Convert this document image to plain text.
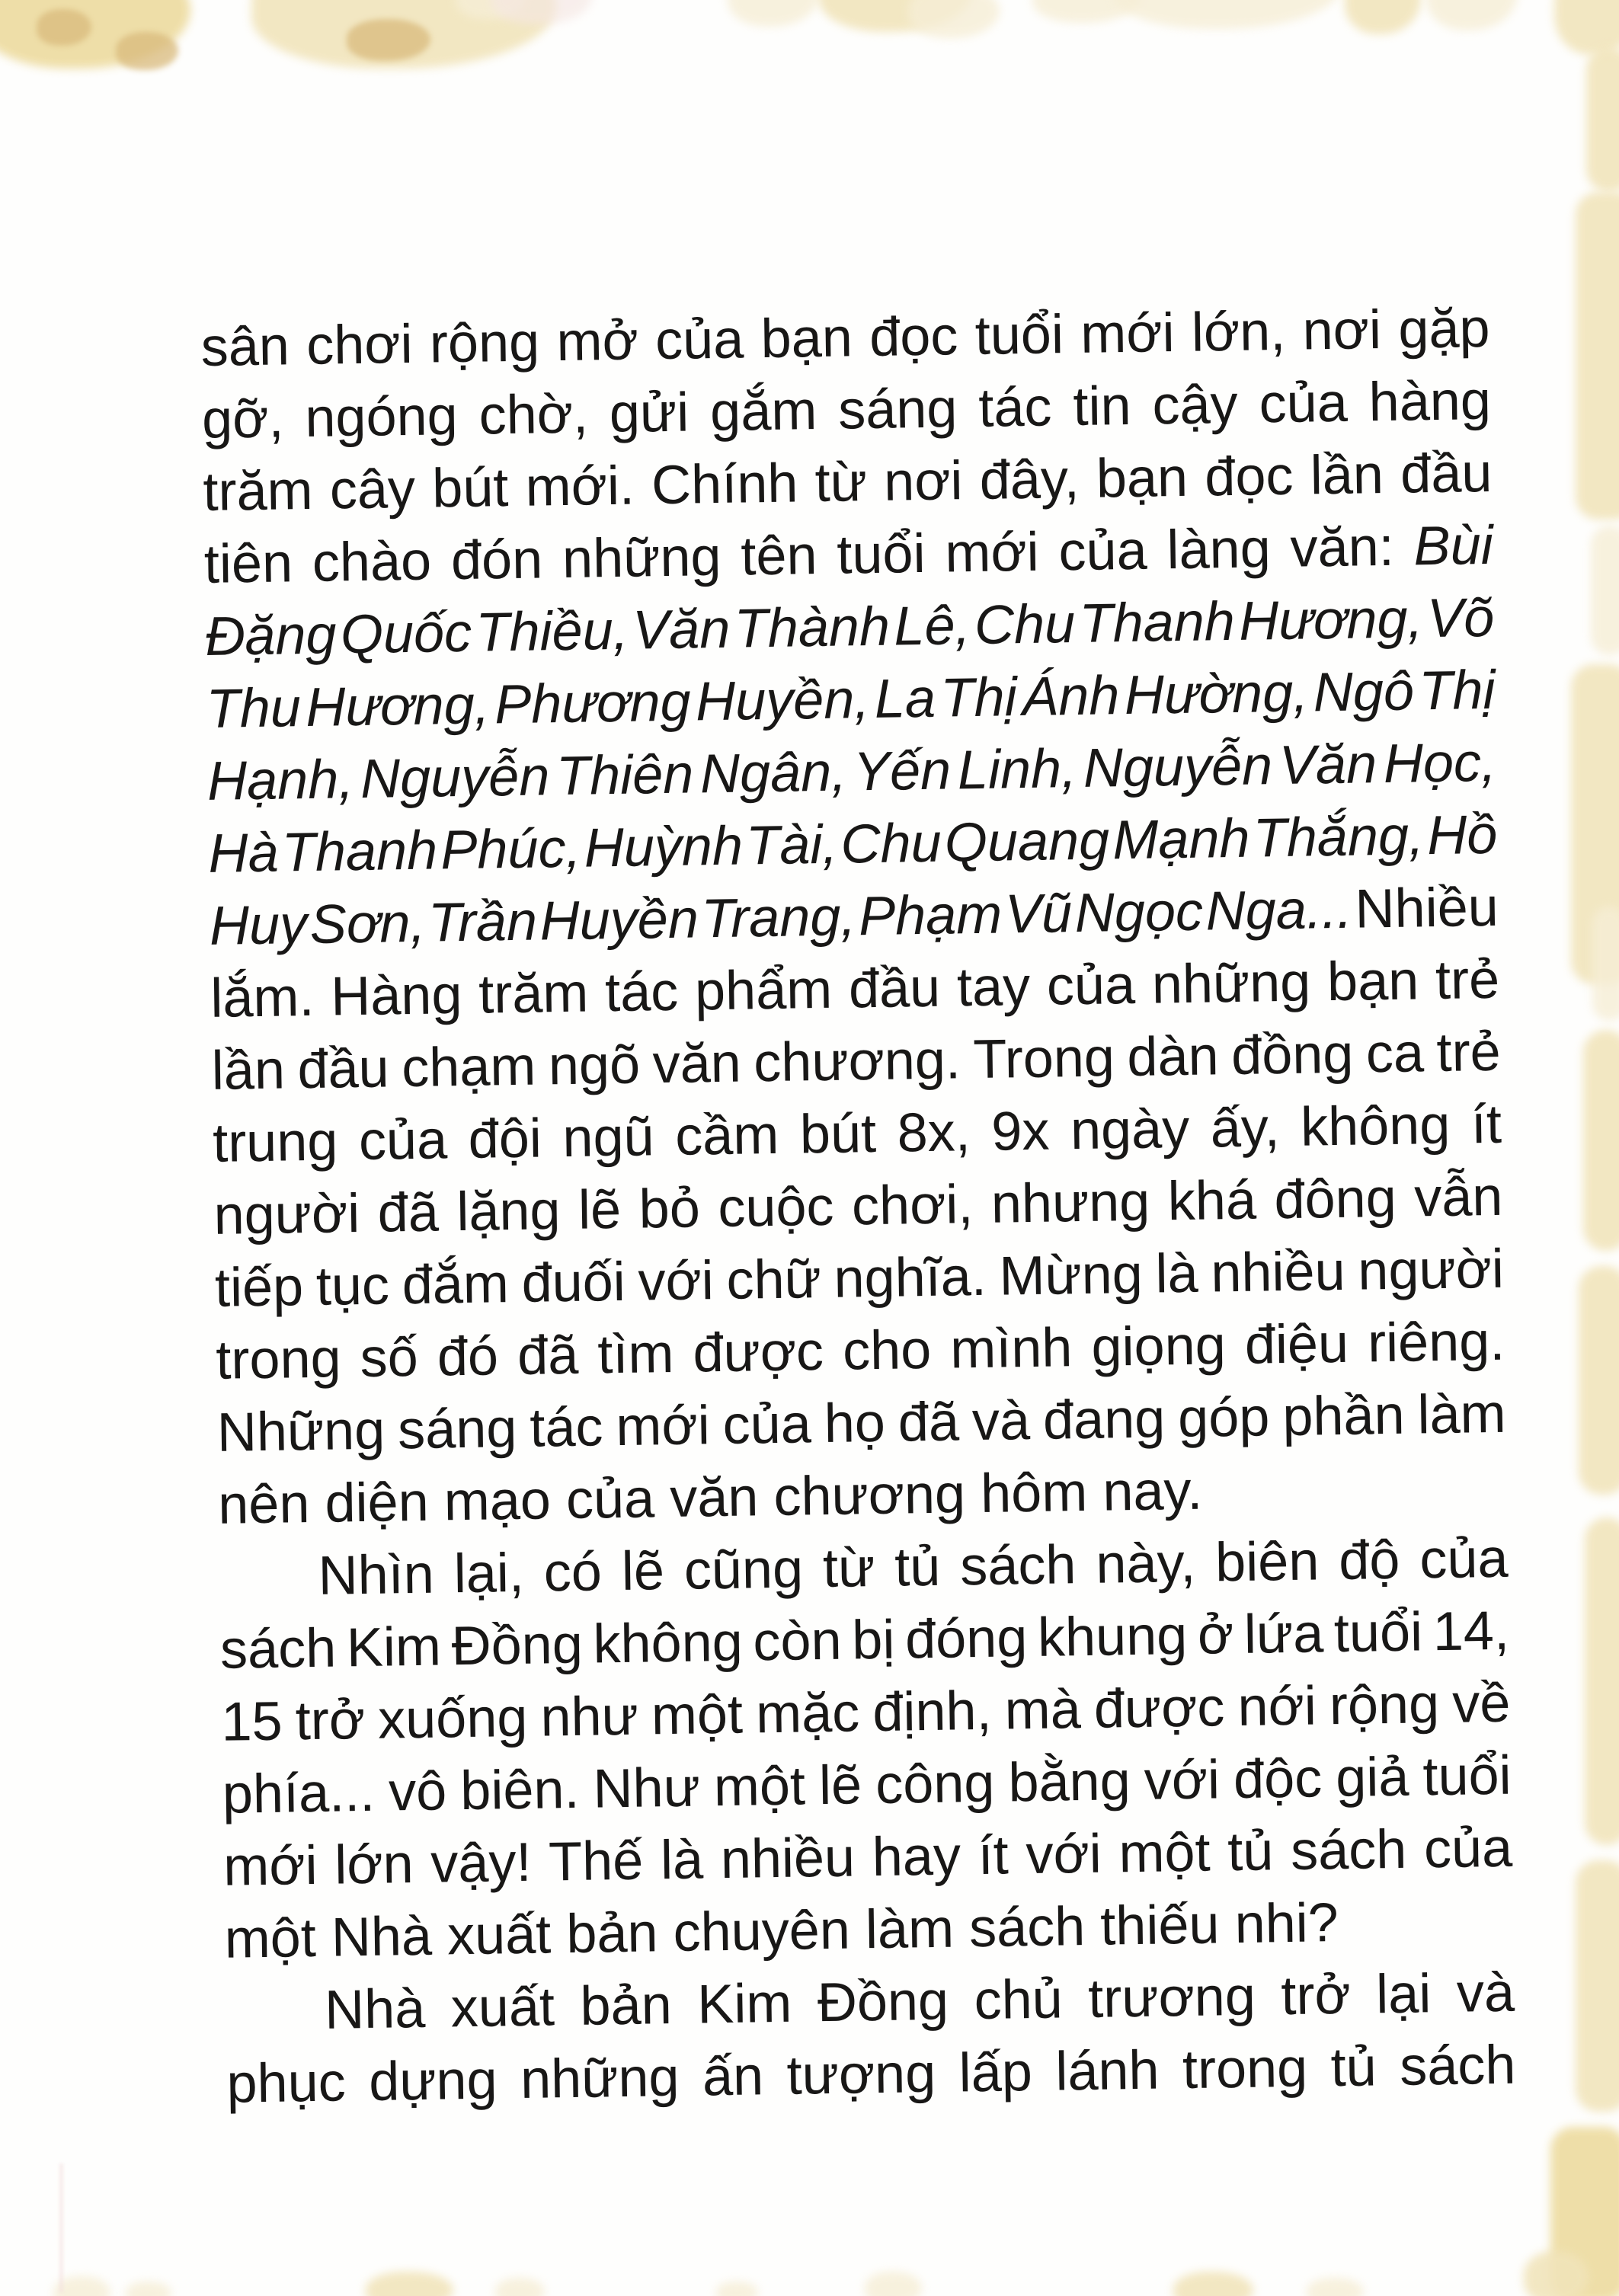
sân chơi rộng mở của bạn đọc tuổi mới lớn, nơi gặp
gỡ, ngóng chờ, gửi gắm sáng tác tin cậy của hàng
trăm cây bút mới. Chính từ nơi đây, bạn đọc lần đầu
tiên chào đón những tên tuổi mới của làng văn: Bùi
Đặng Quốc Thiều, Văn Thành Lê, Chu Thanh Hương, Võ
Thu Hương, Phương Huyền, La Thị Ánh Hường, Ngô Thị
Hạnh, Nguyễn Thiên Ngân, Yến Linh, Nguyễn Văn Học,
Hà Thanh Phúc, Huỳnh Tài, Chu Quang Mạnh Thắng, Hồ
Huy Sơn, Trần Huyền Trang, Phạm Vũ Ngọc Nga... Nhiều
lắm. Hàng trăm tác phẩm đầu tay của những bạn trẻ
lần đầu chạm ngõ văn chương. Trong dàn đồng ca trẻ
trung của đội ngũ cầm bút 8x, 9x ngày ấy, không ít
người đã lặng lẽ bỏ cuộc chơi, nhưng khá đông vẫn
tiếp tục đắm đuối với chữ nghĩa. Mừng là nhiều người
trong số đó đã tìm được cho mình giọng điệu riêng.
Những sáng tác mới của họ đã và đang góp phần làm
nên diện mạo của văn chương hôm nay.
Nhìn lại, có lẽ cũng từ tủ sách này, biên độ của
sách Kim Đồng không còn bị đóng khung ở lứa tuổi 14,
15 trở xuống như một mặc định, mà được nới rộng về
phía... vô biên. Như một lẽ công bằng với độc giả tuổi
mới lớn vậy! Thế là nhiều hay ít với một tủ sách của
một Nhà xuất bản chuyên làm sách thiếu nhi?
Nhà xuất bản Kim Đồng chủ trương trở lại và
phục dựng những ấn tượng lấp lánh trong tủ sách
